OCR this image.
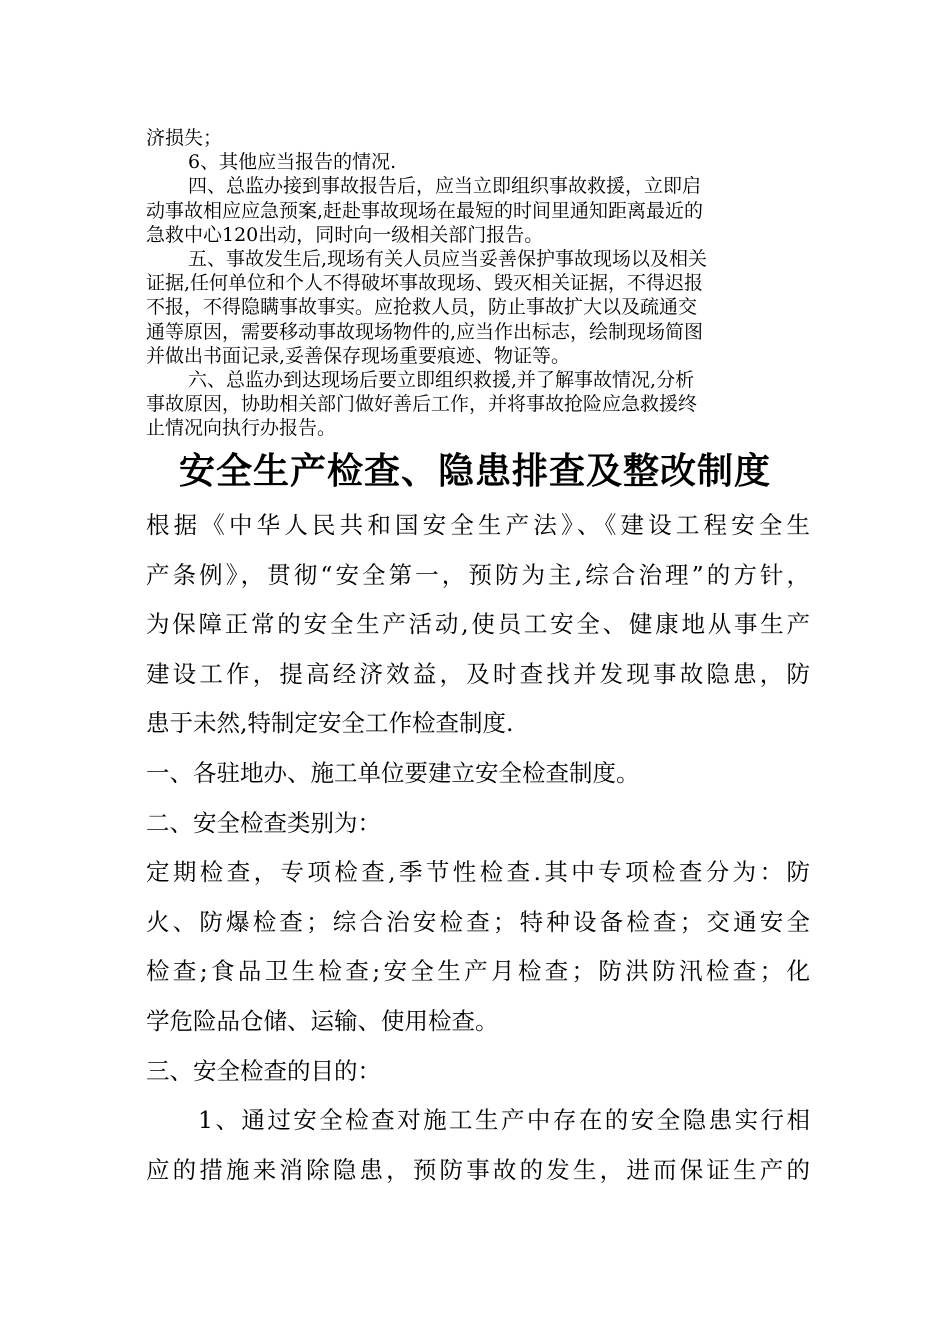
济损失；
6、其他应当报告的情况.
四、总监办接到事故报告后，应当立即组织事故救援，立即启
动事故相应应急预案,赶赴事故现场在最短的时间里通知距离最近的
急救中心120出动，同时向一级相关部门报告。
五、事故发生后,现场有关人员应当妥善保护事故现场以及相关
证据,任何单位和个人不得破坏事故现场、毁灭相关证据，不得迟报
不报，不得隐瞒事故事实。应抢救人员，防止事故扩大以及疏通交
通等原因，需要移动事故现场物件的,应当作出标志，绘制现场简图
并做出书面记录,妥善保存现场重要痕迹、物证等。
六、总监办到达现场后要立即组织救援,并了解事故情况,分析
事故原因，协助相关部门做好善后工作，并将事故抢险应急救援终
止情况向执行办报告。
安全生产检查、隐患排查及整改制度
根据《中华人民共和国安全生产法》、《建设工程安全生
产条例》，贯彻“安全第一，预防为主,综合治理”的方针，
为保障正常的安全生产活动,使员工安全、健康地从事生产
建设工作，提高经济效益，及时查找并发现事故隐患，防
患于未然,特制定安全工作检查制度.
一、各驻地办、施工单位要建立安全检查制度。
二、安全检查类别为：
定期检查，专项检查,季节性检查.其中专项检查分为：防
火、防爆检查；综合治安检查；特种设备检查；交通安全
检查;食品卫生检查;安全生产月检查；防洪防汛检查；化
学危险品仓储、运输、使用检查。
三、安全检查的目的：
1、通过安全检查对施工生产中存在的安全隐患实行相
应的措施来消除隐患，预防事故的发生，进而保证生产的
